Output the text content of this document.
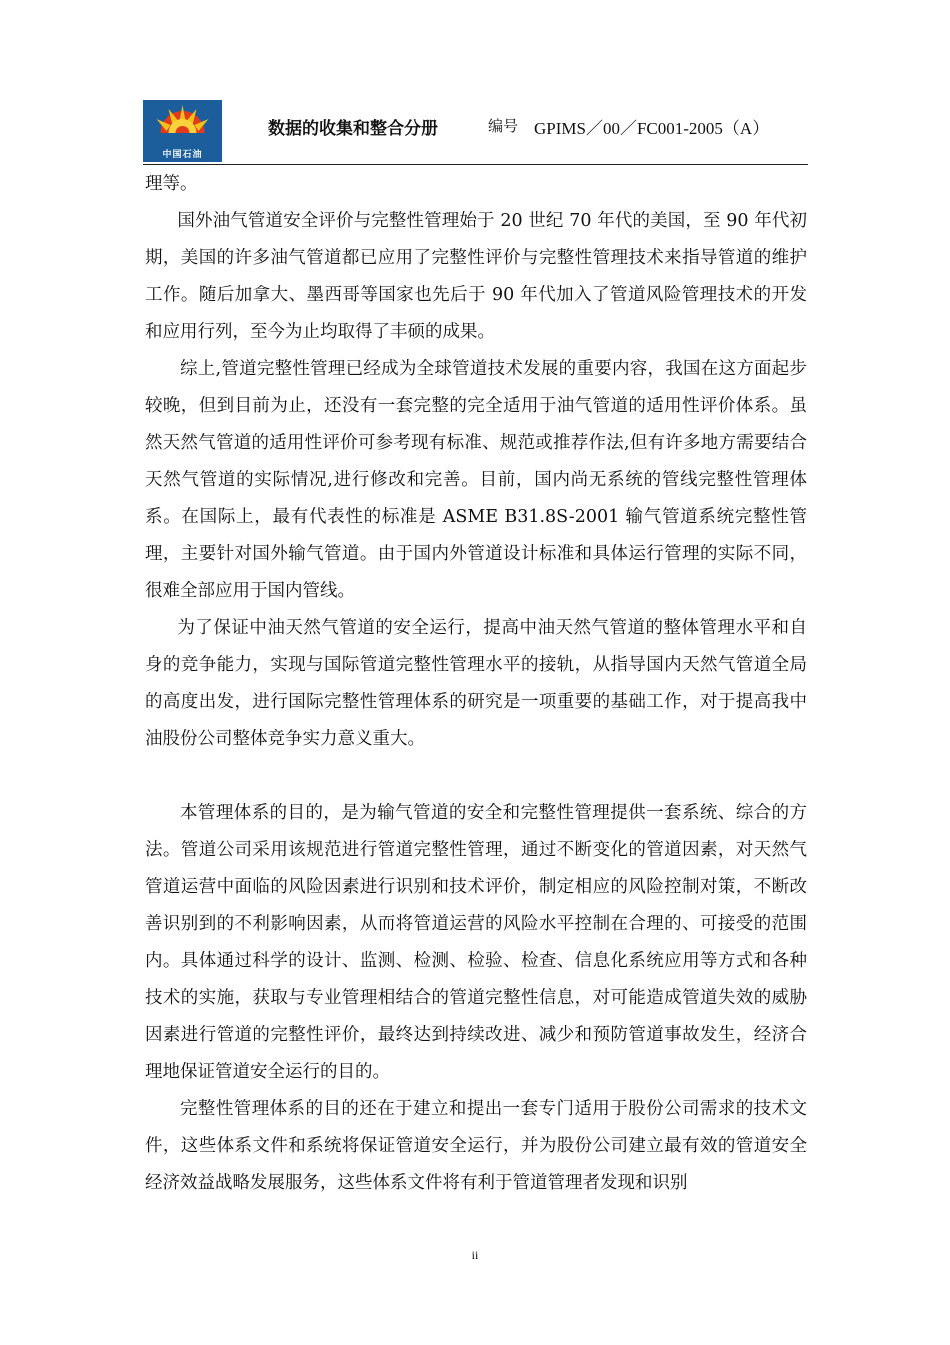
中国石油
数据的收集和整合分册	编号 GPIMS／00／FC001-2005（A）

理等。

国外油气管道安全评价与完整性管理始于 20 世纪 70 年代的美国，至 90 年代初期，美国的许多油气管道都已应用了完整性评价与完整性管理技术来指导管道的维护工作。随后加拿大、墨西哥等国家也先后于 90 年代加入了管道风险管理技术的开发和应用行列，至今为止均取得了丰硕的成果。

综上,管道完整性管理已经成为全球管道技术发展的重要内容，我国在这方面起步较晚，但到目前为止，还没有一套完整的完全适用于油气管道的适用性评价体系。虽然天然气管道的适用性评价可参考现有标准、规范或推荐作法,但有许多地方需要结合天然气管道的实际情况,进行修改和完善。目前，国内尚无系统的管线完整性管理体系。在国际上，最有代表性的标准是 ASME B31.8S-2001 输气管道系统完整性管理，主要针对国外输气管道。由于国内外管道设计标准和具体运行管理的实际不同，很难全部应用于国内管线。

为了保证中油天然气管道的安全运行，提高中油天然气管道的整体管理水平和自身的竞争能力，实现与国际管道完整性管理水平的接轨，从指导国内天然气管道全局的高度出发，进行国际完整性管理体系的研究是一项重要的基础工作，对于提高我中油股份公司整体竞争实力意义重大。

本管理体系的目的，是为输气管道的安全和完整性管理提供一套系统、综合的方法。管道公司采用该规范进行管道完整性管理，通过不断变化的管道因素，对天然气管道运营中面临的风险因素进行识别和技术评价，制定相应的风险控制对策，不断改善识别到的不利影响因素，从而将管道运营的风险水平控制在合理的、可接受的范围内。具体通过科学的设计、监测、检测、检验、检查、信息化系统应用等方式和各种技术的实施，获取与专业管理相结合的管道完整性信息，对可能造成管道失效的威胁因素进行管道的完整性评价，最终达到持续改进、减少和预防管道事故发生，经济合理地保证管道安全运行的目的。

完整性管理体系的目的还在于建立和提出一套专门适用于股份公司需求的技术文件，这些体系文件和系统将保证管道安全运行，并为股份公司建立最有效的管道安全经济效益战略发展服务，这些体系文件将有利于管道管理者发现和识别

ii
